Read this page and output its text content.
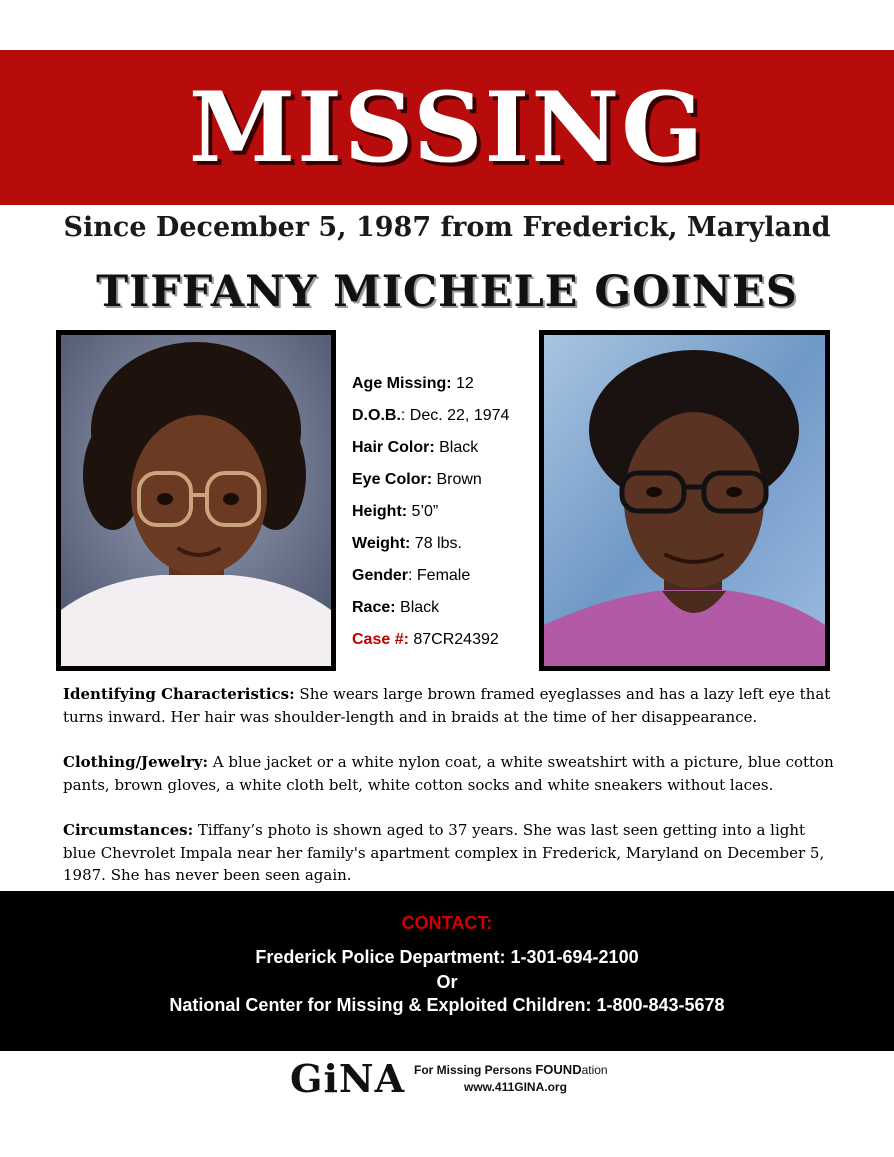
MISSING
Since December 5, 1987 from Frederick, Maryland
TIFFANY MICHELE GOINES
Age Missing: 12
D.O.B.: Dec. 22, 1974
Hair Color: Black
Eye Color: Brown
Height: 5’0”
Weight: 78 lbs.
Gender: Female
Race: Black
Case #: 87CR24392
Identifying Characteristics: She wears large brown framed eyeglasses and has a lazy left eye that turns inward. Her hair was shoulder-length and in braids at the time of her disappearance.
Clothing/Jewelry: A blue jacket or a white nylon coat, a white sweatshirt with a picture, blue cotton pants, brown gloves, a white cloth belt, white cotton socks and white sneakers without laces.
Circumstances: Tiffany’s photo is shown aged to 37 years. She was last seen getting into a light blue Chevrolet Impala near her family's apartment complex in Frederick, Maryland on December 5, 1987. She has never been seen again.
CONTACT:
Frederick Police Department: 1-301-694-2100
Or
National Center for Missing & Exploited Children: 1-800-843-5678
GiNA For Missing Persons FOUNDation
www.411GINA.org
